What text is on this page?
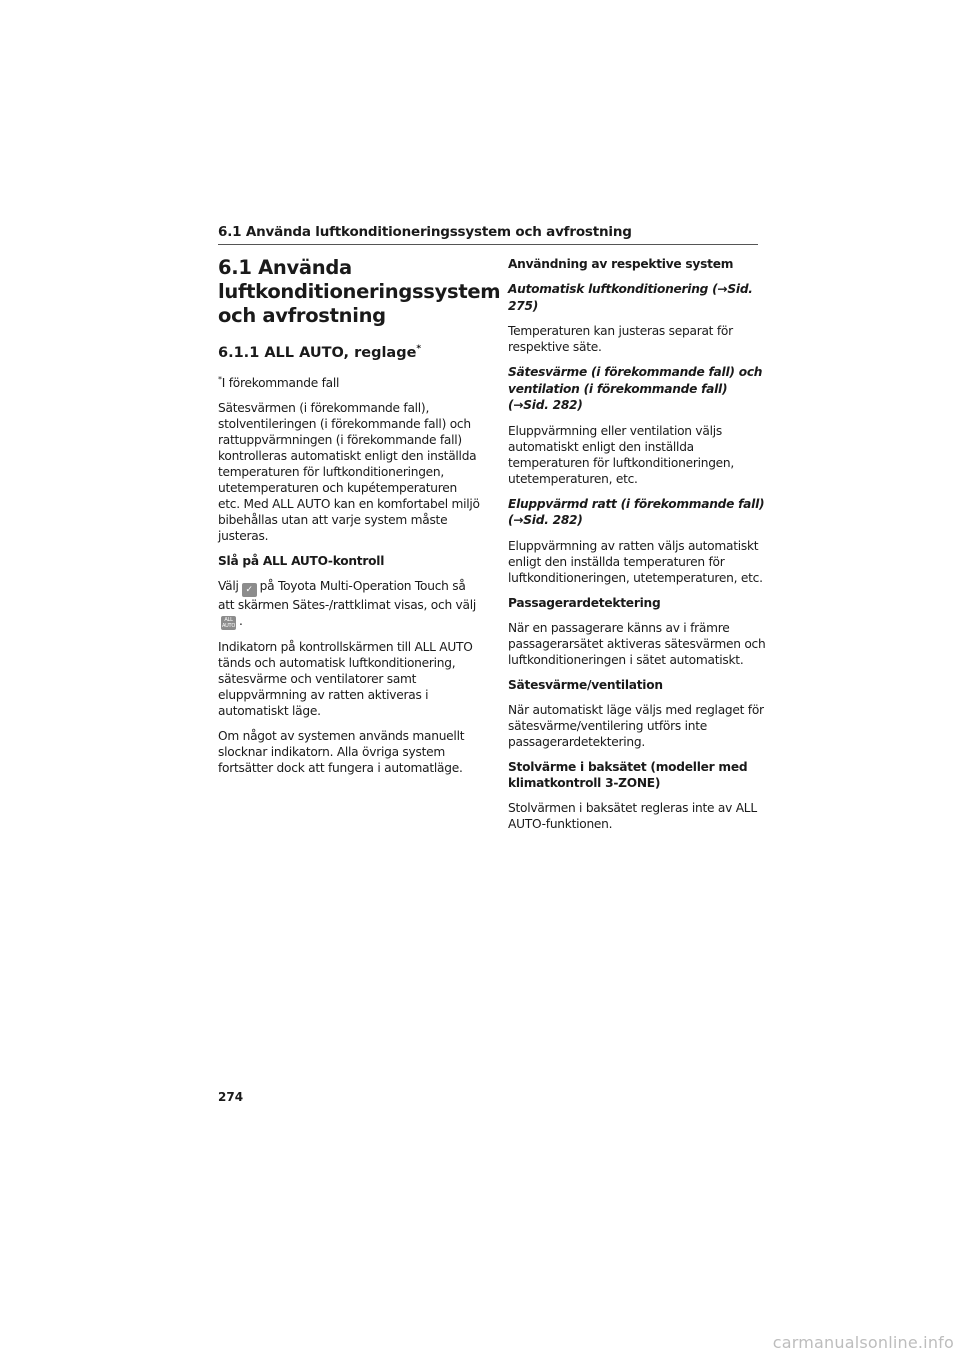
6.1 Använda luftkonditioneringssystem och avfrostning
6.1 Använda luftkonditioneringssystem och avfrostning
6.1.1 ALL AUTO, reglage*

*I förekommande fall

Sätesvärmen (i förekommande fall), stolventileringen (i förekommande fall) och rattuppvärmningen (i förekommande fall) kontrolleras automatiskt enligt den inställda temperaturen för luftkonditioneringen, utetemperaturen och kupétemperaturen etc. Med ALL AUTO kan en komfortabel miljö bibehållas utan att varje system måste justeras.

Slå på ALL AUTO-kontroll

Välj ✓ på Toyota Multi-Operation Touch så att skärmen Sätes-/rattklimat visas, och väljALL AUTO .

Indikatorn på kontrollskärmen till ALL AUTO tänds och automatisk luftkonditionering, sätesvärme och ventilatorer samt eluppvärmning av ratten aktiveras i automatiskt läge.

Om något av systemen används manuellt slocknar indikatorn. Alla övriga system fortsätter dock att fungera i automatläge.

Användning av respektive system
Automatisk luftkonditionering (→Sid. 275)

Temperaturen kan justeras separat för respektive säte.

Sätesvärme (i förekommande fall) och ventilation (i förekommande fall) (→Sid. 282)

Eluppvärmning eller ventilation väljs automatiskt enligt den inställda temperaturen för luftkonditioneringen, utetemperaturen, etc.

Eluppvärmd ratt (i förekommande fall) (→Sid. 282)

Eluppvärmning av ratten väljs automatiskt enligt den inställda temperaturen för luftkonditioneringen, utetemperaturen, etc.

Passagerardetektering

När en passagerare känns av i främre passagerarsätet aktiveras sätesvärmen och luftkonditioneringen i sätet automatiskt.

Sätesvärme/ventilation

När automatiskt läge väljs med reglaget för sätesvärme/ventilering utförs inte passagerardetektering.

Stolvärme i baksätet (modeller med klimatkontroll 3-ZONE)

Stolvärmen i baksätet regleras inte av ALL AUTO-funktionen.

274
carmanualsonline.info
